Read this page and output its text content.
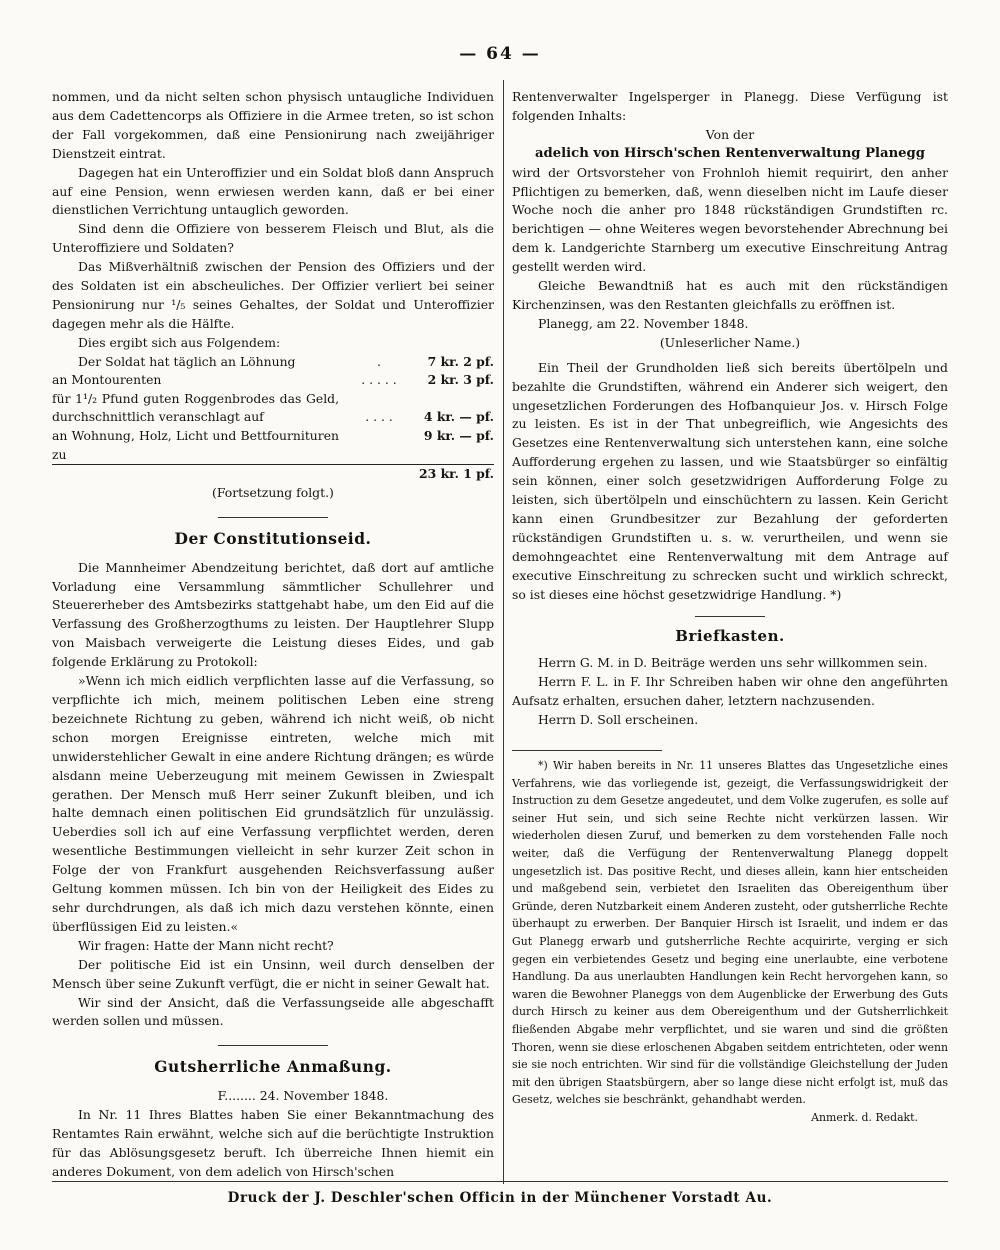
— 64 —

nommen, und da nicht selten schon physisch untaugliche Individuen aus dem Cadettencorps als Offiziere in die Armee treten, so ist schon der Fall vorgekommen, daß eine Pensionirung nach zweijähriger Dienstzeit eintrat.

Dagegen hat ein Unteroffizier und ein Soldat bloß dann Anspruch auf eine Pension, wenn erwiesen werden kann, daß er bei einer dienstlichen Verrichtung untauglich geworden.

Sind denn die Offiziere von besserem Fleisch und Blut, als die Unteroffiziere und Soldaten?

Das Mißverhältniß zwischen der Pension des Offiziers und der des Soldaten ist ein abscheuliches. Der Offizier verliert bei seiner Pensionirung nur ¹/₅ seines Gehaltes, der Soldat und Unteroffizier dagegen mehr als die Hälfte.

Dies ergibt sich aus Folgendem:

Der Soldat hat täglich an Löhnung	.	7 kr. 2 pf.
an Montourenten	. . . . .	2 kr. 3 pf.
für 1¹/₂ Pfund guten Roggenbrodes das Geld, durchschnittlich veranschlagt auf	. . . .	4 kr. — pf.
an Wohnung, Holz, Licht und Bettfournituren zu		9 kr. — pf.
		23 kr. 1 pf.

(Fortsetzung folgt.)

Der Constitutionseid.

Die Mannheimer Abendzeitung berichtet, daß dort auf amtliche Vorladung eine Versammlung sämmtlicher Schullehrer und Steuererheber des Amtsbezirks stattgehabt habe, um den Eid auf die Verfassung des Großherzogthums zu leisten. Der Hauptlehrer Slupp von Maisbach verweigerte die Leistung dieses Eides, und gab folgende Erklärung zu Protokoll:

»Wenn ich mich eidlich verpflichten lasse auf die Verfassung, so verpflichte ich mich, meinem politischen Leben eine streng bezeichnete Richtung zu geben, während ich nicht weiß, ob nicht schon morgen Ereignisse eintreten, welche mich mit unwiderstehlicher Gewalt in eine andere Richtung drängen; es würde alsdann meine Ueberzeugung mit meinem Gewissen in Zwiespalt gerathen. Der Mensch muß Herr seiner Zukunft bleiben, und ich halte demnach einen politischen Eid grundsätzlich für unzulässig. Ueberdies soll ich auf eine Verfassung verpflichtet werden, deren wesentliche Bestimmungen vielleicht in sehr kurzer Zeit schon in Folge der von Frankfurt ausgehenden Reichsverfassung außer Geltung kommen müssen. Ich bin von der Heiligkeit des Eides zu sehr durchdrungen, als daß ich mich dazu verstehen könnte, einen überflüssigen Eid zu leisten.«

Wir fragen: Hatte der Mann nicht recht?

Der politische Eid ist ein Unsinn, weil durch denselben der Mensch über seine Zukunft verfügt, die er nicht in seiner Gewalt hat.

Wir sind der Ansicht, daß die Verfassungseide alle abgeschafft werden sollen und müssen.

Gutsherrliche Anmaßung.

F........ 24. November 1848.

In Nr. 11 Ihres Blattes haben Sie einer Bekanntmachung des Rentamtes Rain erwähnt, welche sich auf die berüchtigte Instruktion für das Ablösungsgesetz beruft. Ich überreiche Ihnen hiemit ein anderes Dokument, von dem adelich von Hirsch'schen

Rentenverwalter Ingelsperger in Planegg. Diese Verfügung ist folgenden Inhalts:

Von der

adelich von Hirsch'schen Rentenverwaltung Planegg

wird der Ortsvorsteher von Frohnloh hiemit requirirt, den anher Pflichtigen zu bemerken, daß, wenn dieselben nicht im Laufe dieser Woche noch die anher pro 1848 rückständigen Grundstiften rc. berichtigen — ohne Weiteres wegen bevorstehender Abrechnung bei dem k. Landgerichte Starnberg um executive Einschreitung Antrag gestellt werden wird.

Gleiche Bewandtniß hat es auch mit den rückständigen Kirchenzinsen, was den Restanten gleichfalls zu eröffnen ist.

Planegg, am 22. November 1848.

(Unleserlicher Name.)

Ein Theil der Grundholden ließ sich bereits übertölpeln und bezahlte die Grundstiften, während ein Anderer sich weigert, den ungesetzlichen Forderungen des Hofbanquieur Jos. v. Hirsch Folge zu leisten. Es ist in der That unbegreiflich, wie Angesichts des Gesetzes eine Rentenverwaltung sich unterstehen kann, eine solche Aufforderung ergehen zu lassen, und wie Staatsbürger so einfältig sein können, einer solch gesetzwidrigen Aufforderung Folge zu leisten, sich übertölpeln und einschüchtern zu lassen. Kein Gericht kann einen Grundbesitzer zur Bezahlung der geforderten rückständigen Grundstiften u. s. w. verurtheilen, und wenn sie demohngeachtet eine Rentenverwaltung mit dem Antrage auf executive Einschreitung zu schrecken sucht und wirklich schreckt, so ist dieses eine höchst gesetzwidrige Handlung. *)

Briefkasten.

Herrn G. M. in D. Beiträge werden uns sehr willkommen sein.

Herrn F. L. in F. Ihr Schreiben haben wir ohne den angeführten Aufsatz erhalten, ersuchen daher, letztern nachzusenden.

Herrn D. Soll erscheinen.

*) Wir haben bereits in Nr. 11 unseres Blattes das Ungesetzliche eines Verfahrens, wie das vorliegende ist, gezeigt, die Verfassungswidrigkeit der Instruction zu dem Gesetze angedeutet, und dem Volke zugerufen, es solle auf seiner Hut sein, und sich seine Rechte nicht verkürzen lassen. Wir wiederholen diesen Zuruf, und bemerken zu dem vorstehenden Falle noch weiter, daß die Verfügung der Rentenverwaltung Planegg doppelt ungesetzlich ist. Das positive Recht, und dieses allein, kann hier entscheiden und maßgebend sein, verbietet den Israeliten das Obereigenthum über Gründe, deren Nutzbarkeit einem Anderen zusteht, oder gutsherrliche Rechte überhaupt zu erwerben. Der Banquier Hirsch ist Israelit, und indem er das Gut Planegg erwarb und gutsherrliche Rechte acquirirte, verging er sich gegen ein verbietendes Gesetz und beging eine unerlaubte, eine verbotene Handlung. Da aus unerlaubten Handlungen kein Recht hervorgehen kann, so waren die Bewohner Planeggs von dem Augenblicke der Erwerbung des Guts durch Hirsch zu keiner aus dem Obereigenthum und der Gutsherrlichkeit fließenden Abgabe mehr verpflichtet, und sie waren und sind die größten Thoren, wenn sie diese erloschenen Abgaben seitdem entrichteten, oder wenn sie sie noch entrichten. Wir sind für die vollständige Gleichstellung der Juden mit den übrigen Staatsbürgern, aber so lange diese nicht erfolgt ist, muß das Gesetz, welches sie beschränkt, gehandhabt werden.

Anmerk. d. Redakt.

Druck der J. Deschler'schen Officin in der Münchener Vorstadt Au.
